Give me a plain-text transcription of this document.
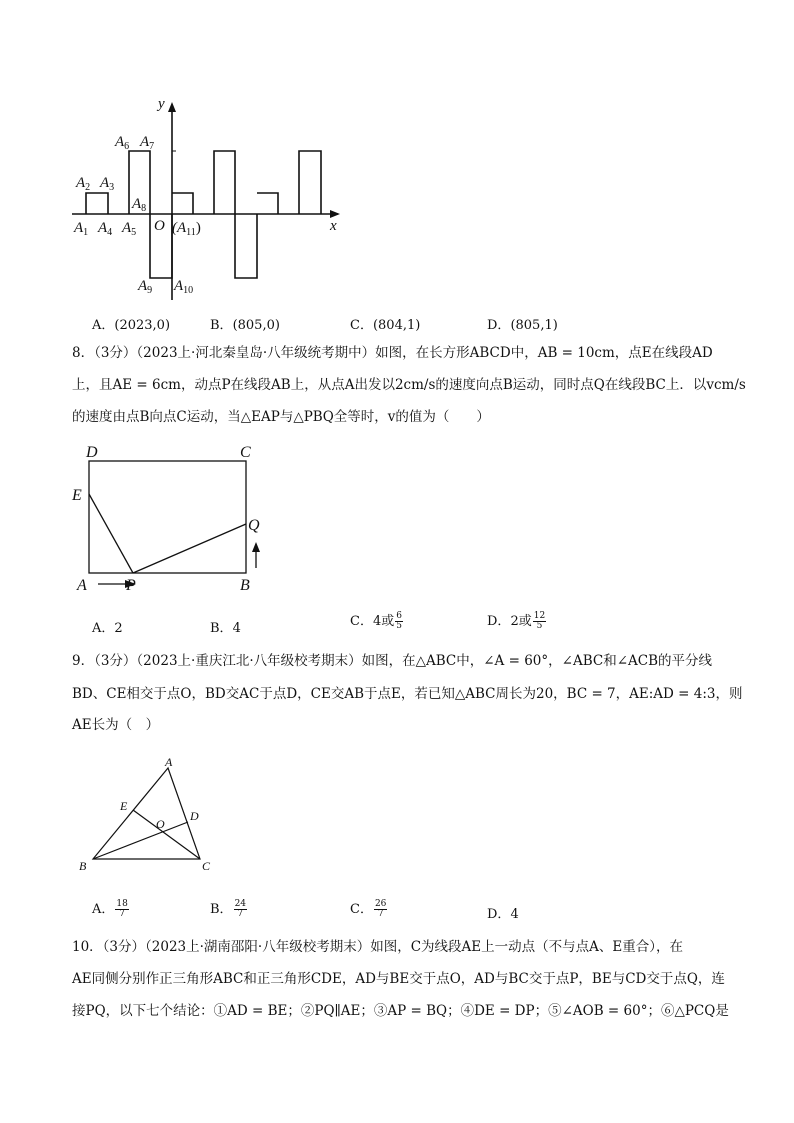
y
x
O
$A_2$ $A_3$
$A_6$ $A_7$
$A_8$
$A_1$ $A_4$ $A_5$
$A_9$ $A_{10}$
$(A_{11})$
A．(2023,0)	B．(805,0)	C．(804,1)	D．(805,1)
8．（3分）（2023上·河北秦皇岛·八年级统考期中）如图，在长方形ABCD中，AB = 10cm，点E在线段AD
上，且AE = 6cm，动点P在线段AB上，从点A出发以2cm/s的速度向点B运动，同时点Q在线段BC上．以vcm/s
的速度由点B向点C运动，当△EAP与△PBQ全等时，v的值为（　　）
D	C
E
Q
A P	B
A．2	B．4	C．4或 $\frac{6}{5}$	D．2或 $\frac{12}{5}$
9．（3分）（2023上·重庆江北·八年级校考期末）如图，在△ABC中，∠A = 60°，∠ABC和∠ACB的平分线
BD、CE相交于点O，BD交AC于点D，CE交AB于点E，若已知△ABC周长为20，BC = 7，AE:AD = 4:3，则
AE长为（　）
A
E
D
O
B	C
A． $\frac{18}{7}$	B． $\frac{24}{7}$	C． $\frac{26}{7}$	D．4
10．（3分）（2023上·湖南邵阳·八年级校考期末）如图，C为线段AE上一动点（不与点A、E重合），在
AE同侧分别作正三角形ABC和正三角形CDE，AD与BE交于点O，AD与BC交于点P，BE与CD交于点Q，连
接PQ，以下七个结论：①AD = BE；②PQ∥AE；③AP = BQ；④DE = DP；⑤∠AOB = 60°；⑥△PCQ是
